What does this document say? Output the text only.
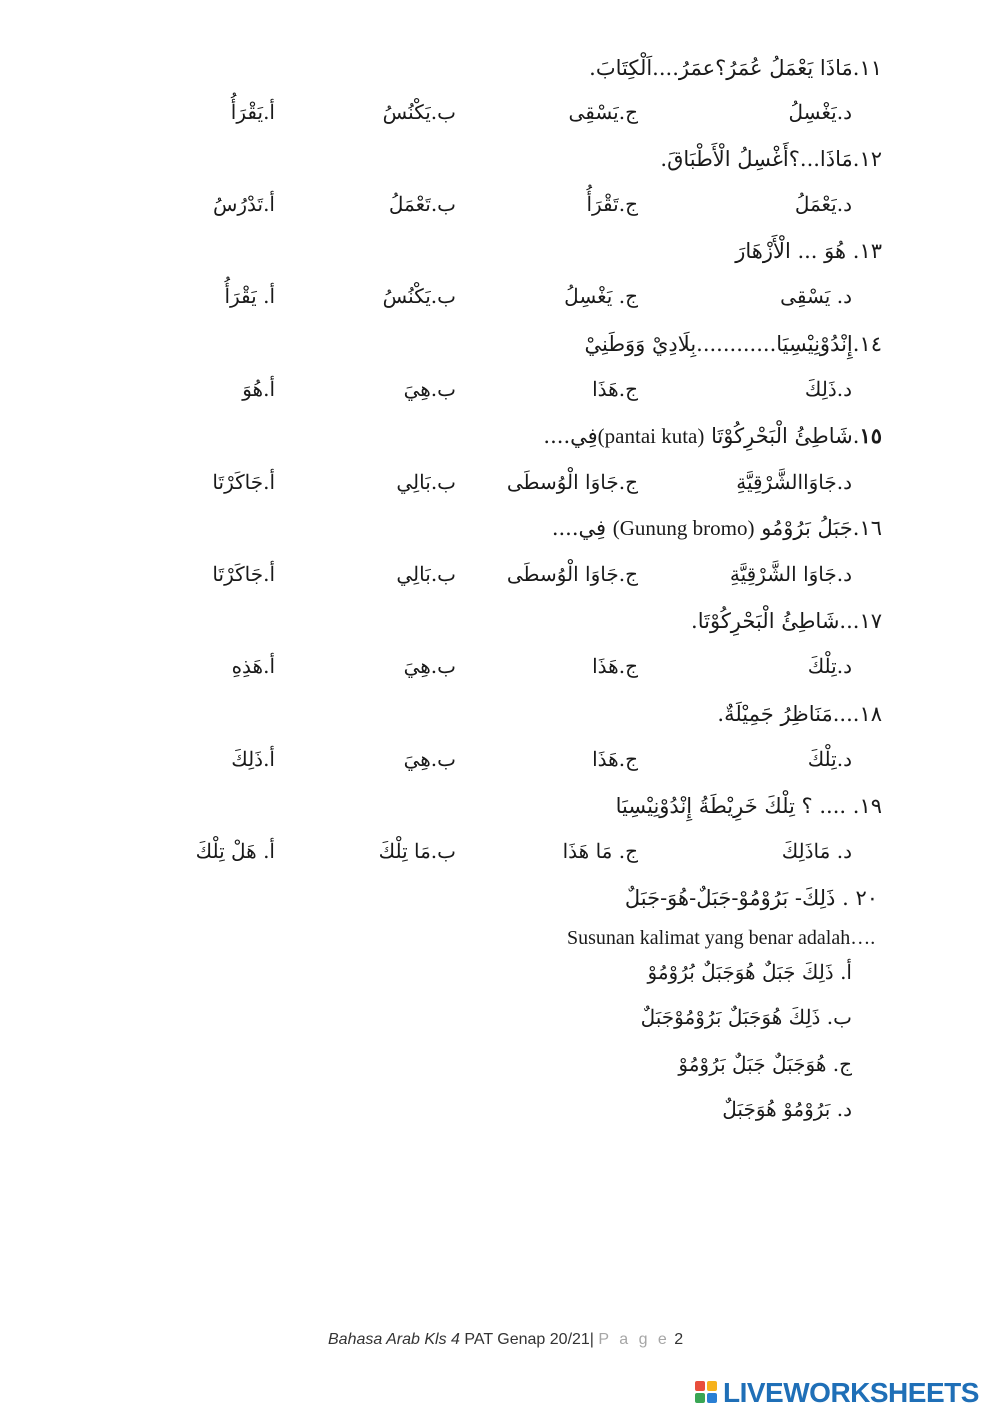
١١.مَاذَا يَعْمَلُ عُمَرُ؟عمَرُ....اَلْكِتَابَ.
أ.يَقْرَأُ	ب.يَكْنُسُ	ج.يَسْقِى	د.يَغْسِلُ
١٢.مَاذَا...؟أَغْسِلُ الْأَطْبَاقَ.
أ.تَدْرُسُ	ب.تَعْمَلُ	ج.تَقْرَأُ	د.يَعْمَلُ
١٣. هُوَ ... الْأَزْهَارَ
أ. يَقْرَأُ	ب.يَكْنُسُ	ج. يَغْسِلُ	د. يَسْقِى
١٤.إِنْدُوْنِيْسِيَا............بِلَادِيْ وَوَطَنِيْ
أ.هُوَ	ب.هِيَ	ج.هَذَا	د.ذَلِكَ
١٥.شَاطِئُ الْبَحْرِكُوْتَا (pantai kuta)فِي....
أ.جَاكَرْتَا	ب.بَالِي	ج.جَاوَا الْوُسطَى	د.جَاوَاالشَّرْقِيَّةِ
١٦.جَبَلُ بَرُوْمُو (Gunung bromo) فِي....
أ.جَاكَرْتَا	ب.بَالِي	ج.جَاوَا الْوُسطَى	د.جَاوَا الشَّرْقِيَّةِ
١٧...شَاطِئُ الْبَحْرِكُوْتَا.
أ.هَذِهِ	ب.هِيَ	ج.هَذَا	د.تِلْكَ
١٨....مَنَاظِرُ جَمِيْلَةٌ.
أ.ذَلِكَ	ب.هِيَ	ج.هَذَا	د.تِلْكَ
١٩. .... ؟ تِلْكَ خَرِيْطَةُ إِنْدُوْنِيْسِيَا
أ. هَلْ تِلْكَ	ب.مَا تِلْكَ	ج. مَا هَذَا	د. مَاذَلِكَ
٢٠ . ذَلِكَ- بَرُوْمُوْ-جَبَلٌ-هُوَ-جَبَلٌ
Susunan kalimat yang benar adalah….
أ. ذَلِكَ جَبَلٌ هُوَجَبَلٌ بُرُوْمُوْ
ب. ذَلِكَ هُوَجَبَلٌ بَرُوْمُوْجَبَلٌ
ج. هُوَجَبَلٌ جَبَلٌ بَرُوْمُوْ
د. بَرُوْمُوْ هُوَجَبَلٌ
Bahasa Arab Kls 4 PAT Genap 20/21| P a g e 2
LIVEWORKSHEETS
